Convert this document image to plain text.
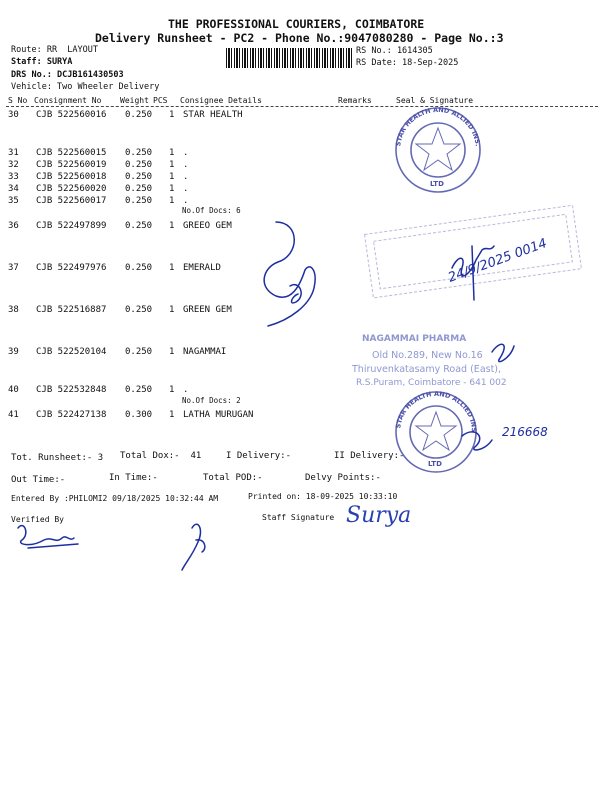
THE PROFESSIONAL COURIERS, COIMBATORE
Delivery Runsheet - PC2 - Phone No.:9047080280 - Page No.:3
Route: RR  LAYOUT
Staff: SURYA
DRS No.: DCJB161430503
Vehicle: Two Wheeler Delivery
RS No.: 1614305
RS Date: 18-Sep-2025
S No Consignment No Weight PCS Consignee Details	Remarks	Seal & Signature
30 CJB 522560016 0.250 1 STAR HEALTH
31 CJB 522560015 0.250 1 .
32 CJB 522560019 0.250 1 .
33 CJB 522560018 0.250 1 .
34 CJB 522560020 0.250 1 .
35 CJB 522560017 0.250 1 .
No.Of Docs: 6
36 CJB 522497899 0.250 1 GREEO GEM
37 CJB 522497976 0.250 1 EMERALD
38 CJB 522516887 0.250 1 GREEN GEM
39 CJB 522520104 0.250 1 NAGAMMAI
40 CJB 522532848 0.250 1 .
No.Of Docs: 2
41 CJB 522427138 0.300 1 LATHA MURUGAN
Tot. Runsheet:- 3 Total Dox:-  41	I Delivery:-	II Delivery:-
Out Time:-	In Time:-	Total POD:-	Delvy Points:-
Entered By :PHILOMI2 09/18/2025 10:32:44 AM	Printed on: 18-09-2025 10:33:10
Verified By	Staff Signature Surya
STAR HEALTH AND ALLIED INS.
LTD
NAGAMMAI PHARMA
Old No.289, New No.16
Thiruvenkatasamy Road (East),
R.S.Puram, Coimbatore - 641 002
STAR HEALTH AND ALLIED INS
LTD
24/9/2025 0014
216668
